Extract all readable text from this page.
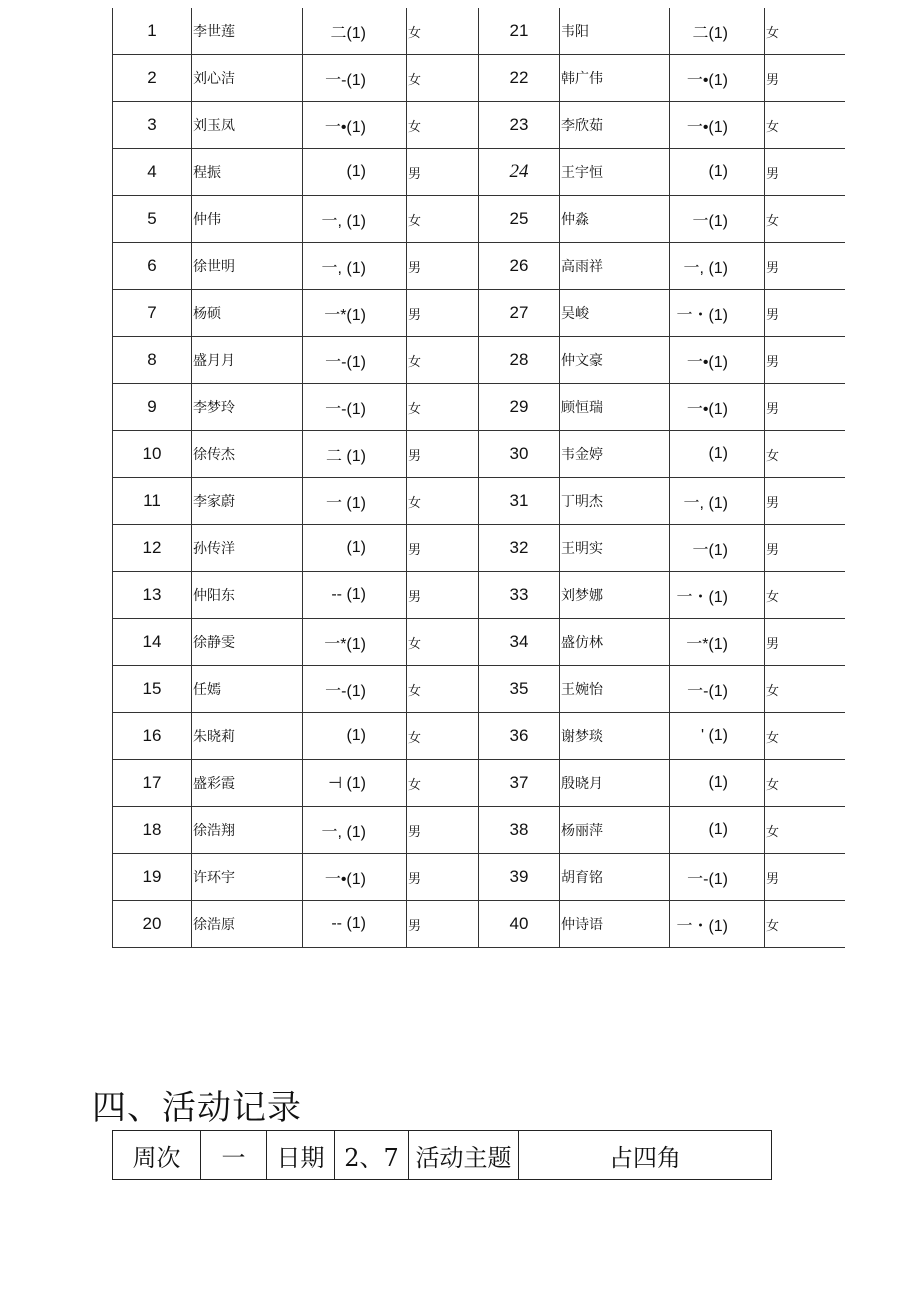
1	李世莲	二(1)	女	21	韦阳	二(1)	女
2	刘心洁	一-(1)	女	22	韩广伟	一•(1)	男
3	刘玉凤	一•(1)	女	23	李欣茹	一•(1)	女
4	程振	(1)	男	24	王宇恒	(1)	男
5	仲伟	一, (1)	女	25	仲淼	一(1)	女
6	徐世明	一, (1)	男	26	高雨祥	一, (1)	男
7	杨硕	一*(1)	男	27	吴峻	一・(1)	男
8	盛月月	一-(1)	女	28	仲文豪	一•(1)	男
9	李梦玲	一-(1)	女	29	顾恒瑞	一•(1)	男
10	徐传杰	二 (1)	男	30	韦金婷	(1)	女
11	李家蔚	一 (1)	女	31	丁明杰	一, (1)	男
12	孙传洋	(1)	男	32	王明实	一(1)	男
13	仲阳东	-- (1)	男	33	刘梦娜	一・(1)	女
14	徐静雯	一*(1)	女	34	盛仿林	一*(1)	男
15	任嫣	一-(1)	女	35	王婉怡	一-(1)	女
16	朱晓莉	(1)	女	36	谢梦琰	' (1)	女
17	盛彩霞	⊣ (1)	女	37	殷晓月	(1)	女
18	徐浩翔	一, (1)	男	38	杨丽萍	(1)	女
19	许环宇	一•(1)	男	39	胡育铭	一-(1)	男
20	徐浩原	-- (1)	男	40	仲诗语	一・(1)	女
四、活动记录
周次	一	日期	2、7	活动主题	占四角
